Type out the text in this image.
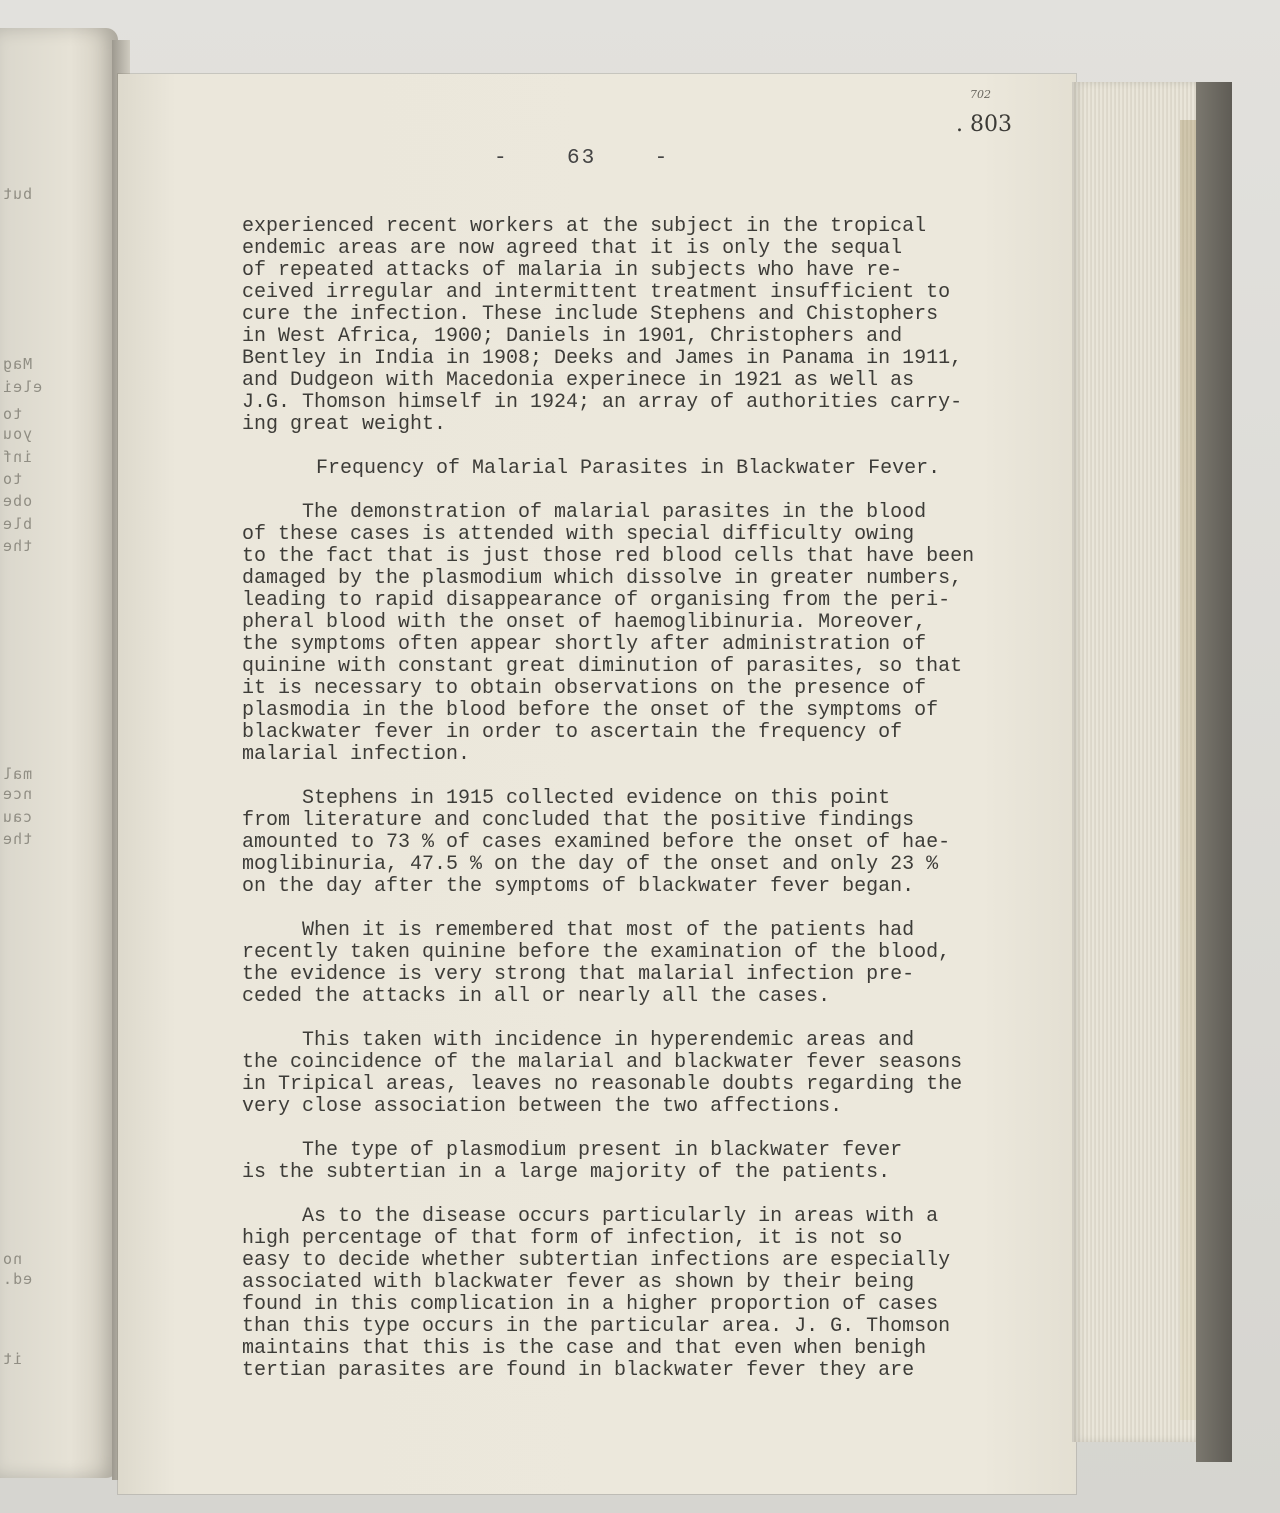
but
Mag
elei
to
you
inf
to
obe
ble
the
mal
nce
cau
the
no
ed.
it
702
. 803
-    63    -
experienced recent workers at the subject in the tropical
endemic areas are now agreed that it is only the sequal
of repeated attacks of malaria in subjects who have re-
ceived irregular and intermittent treatment insufficient to
cure the infection. These include Stephens and Chistophers
in West Africa, 1900; Daniels in 1901, Christophers and
Bentley in India in 1908; Deeks and James in Panama in 1911,
and Dudgeon with Macedonia experinece in 1921 as well as
J.G. Thomson himself in 1924; an array of authorities carry-
ing great weight.
Frequency of Malarial Parasites in Blackwater Fever.
The demonstration of malarial parasites in the blood
of these cases is attended with special difficulty owing
to the fact that is just those red blood cells that have been
damaged by the plasmodium which dissolve in greater numbers,
leading to rapid disappearance of organising from the peri-
pheral blood with the onset of haemoglibinuria. Moreover,
the symptoms often appear shortly after administration of
quinine with constant great diminution of parasites, so that
it is necessary to obtain observations on the presence of
plasmodia in the blood before the onset of the symptoms of
blackwater fever in order to ascertain the frequency of
malarial infection.
Stephens in 1915 collected evidence on this point
from literature and concluded that the positive findings
amounted to 73 % of cases examined before the onset of hae-
moglibinuria, 47.5 % on the day of the onset and only 23 %
on the day after the symptoms of blackwater fever began.
When it is remembered that most of the patients had
recently taken quinine before the examination of the blood,
the evidence is very strong that malarial infection pre-
ceded the attacks in all or nearly all the cases.
This taken with incidence in hyperendemic areas and
the coincidence of the malarial and blackwater fever seasons
in Tripical areas, leaves no reasonable doubts regarding the
very close association between the two affections.
The type of plasmodium present in blackwater fever
is the subtertian in a large majority of the patients.
As to the disease occurs particularly in areas with a
high percentage of that form of infection, it is not so
easy to decide whether subtertian infections are especially
associated with blackwater fever as shown by their being
found in this complication in a higher proportion of cases
than this type occurs in the particular area. J. G. Thomson
maintains that this is the case and that even when benigh
tertian parasites are found in blackwater fever they are
